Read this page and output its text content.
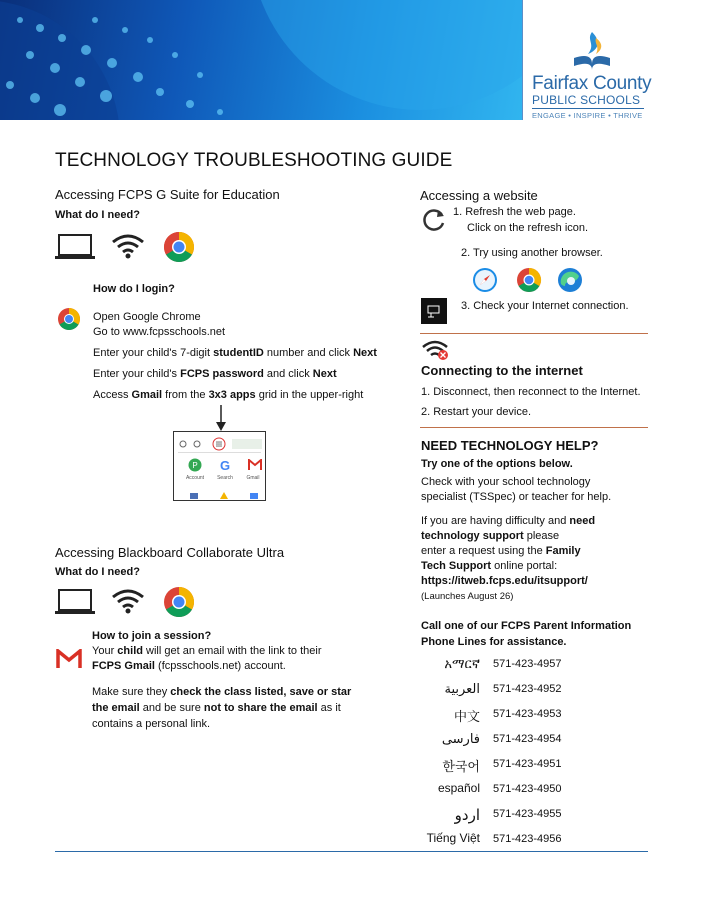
Fairfax County
PUBLIC SCHOOLS
ENGAGE • INSPIRE • THRIVE
TECHNOLOGY TROUBLESHOOTING GUIDE
Accessing FCPS G Suite for Education
What do I need?
How do I login?
Open Google Chrome
Go to www.fcpsschools.net
Enter your child's 7-digit studentID number and click Next
Enter your child's FCPS password and click Next
Access Gmail from the 3x3 apps grid in the upper-right
P G
Account	Search	Gmail
Accessing Blackboard Collaborate Ultra
What do I need?
How to join a session?
Your child will get an email with the link to their
FCPS Gmail (fcpsschools.net) account.
Make sure they check the class listed, save or star
the email and be sure not to share the email as it
contains a personal link.
Accessing a website
1. Refresh the web page.
Click on the refresh icon.
2. Try using another browser.
3. Check your Internet connection.
Connecting to the internet
1. Disconnect, then reconnect to the Internet.
2. Restart your device.
NEED TECHNOLOGY HELP?
Try one of the options below.
Check with your school technology
specialist (TSSpec) or teacher for help.
If you are having difficulty and need
technology support please
enter a request using the Family
Tech Support online portal:
https://itweb.fcps.edu/itsupport/
(Launches August 26)
Call one of our FCPS Parent Information
Phone Lines for assistance.
አማርኛ 571-423-4957
العربية 571-423-4952
中文 571-423-4953
فارسی 571-423-4954
한국어 571-423-4951
español 571-423-4950
اردو 571-423-4955
Tiếng Việt 571-423-4956
